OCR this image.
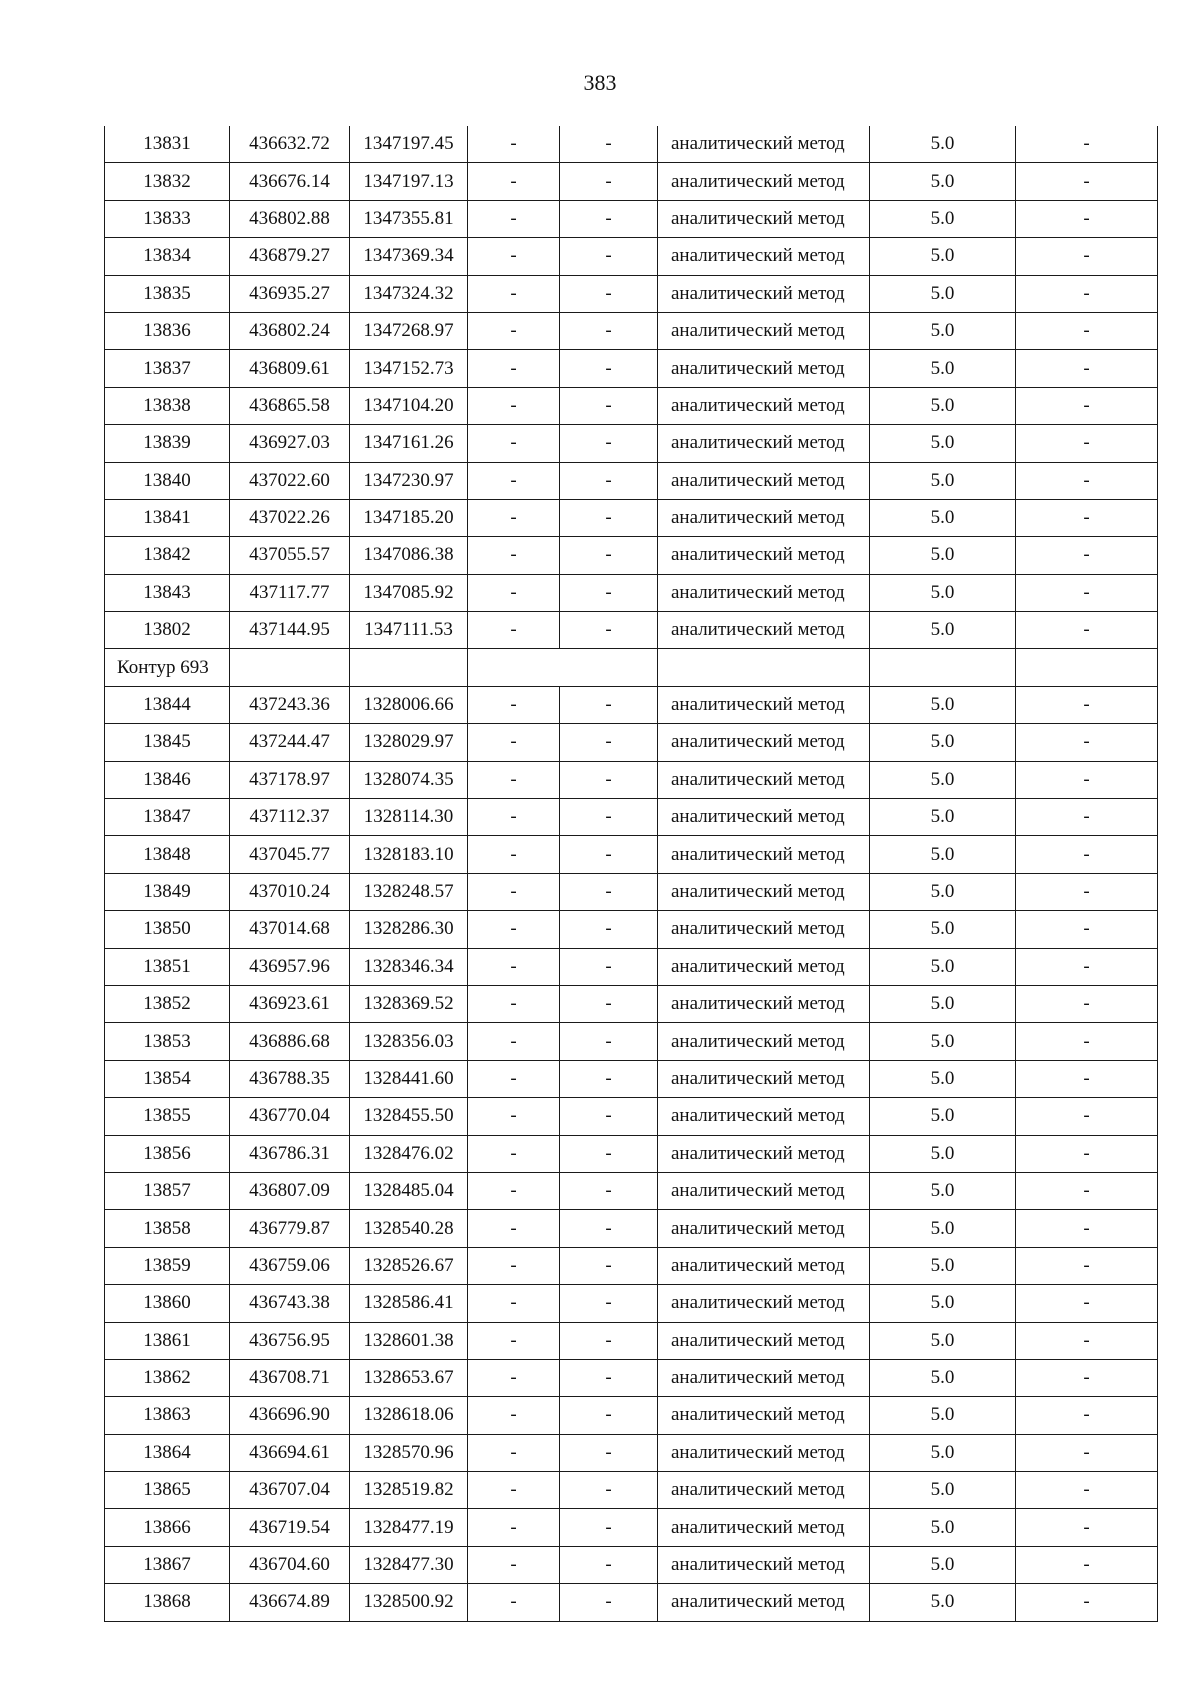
383
13831	436632.72	1347197.45	-	-	аналитический метод	5.0	-
13832	436676.14	1347197.13	-	-	аналитический метод	5.0	-
13833	436802.88	1347355.81	-	-	аналитический метод	5.0	-
13834	436879.27	1347369.34	-	-	аналитический метод	5.0	-
13835	436935.27	1347324.32	-	-	аналитический метод	5.0	-
13836	436802.24	1347268.97	-	-	аналитический метод	5.0	-
13837	436809.61	1347152.73	-	-	аналитический метод	5.0	-
13838	436865.58	1347104.20	-	-	аналитический метод	5.0	-
13839	436927.03	1347161.26	-	-	аналитический метод	5.0	-
13840	437022.60	1347230.97	-	-	аналитический метод	5.0	-
13841	437022.26	1347185.20	-	-	аналитический метод	5.0	-
13842	437055.57	1347086.38	-	-	аналитический метод	5.0	-
13843	437117.77	1347085.92	-	-	аналитический метод	5.0	-
13802	437144.95	1347111.53	-	-	аналитический метод	5.0	-
Контур 693							
13844	437243.36	1328006.66	-	-	аналитический метод	5.0	-
13845	437244.47	1328029.97	-	-	аналитический метод	5.0	-
13846	437178.97	1328074.35	-	-	аналитический метод	5.0	-
13847	437112.37	1328114.30	-	-	аналитический метод	5.0	-
13848	437045.77	1328183.10	-	-	аналитический метод	5.0	-
13849	437010.24	1328248.57	-	-	аналитический метод	5.0	-
13850	437014.68	1328286.30	-	-	аналитический метод	5.0	-
13851	436957.96	1328346.34	-	-	аналитический метод	5.0	-
13852	436923.61	1328369.52	-	-	аналитический метод	5.0	-
13853	436886.68	1328356.03	-	-	аналитический метод	5.0	-
13854	436788.35	1328441.60	-	-	аналитический метод	5.0	-
13855	436770.04	1328455.50	-	-	аналитический метод	5.0	-
13856	436786.31	1328476.02	-	-	аналитический метод	5.0	-
13857	436807.09	1328485.04	-	-	аналитический метод	5.0	-
13858	436779.87	1328540.28	-	-	аналитический метод	5.0	-
13859	436759.06	1328526.67	-	-	аналитический метод	5.0	-
13860	436743.38	1328586.41	-	-	аналитический метод	5.0	-
13861	436756.95	1328601.38	-	-	аналитический метод	5.0	-
13862	436708.71	1328653.67	-	-	аналитический метод	5.0	-
13863	436696.90	1328618.06	-	-	аналитический метод	5.0	-
13864	436694.61	1328570.96	-	-	аналитический метод	5.0	-
13865	436707.04	1328519.82	-	-	аналитический метод	5.0	-
13866	436719.54	1328477.19	-	-	аналитический метод	5.0	-
13867	436704.60	1328477.30	-	-	аналитический метод	5.0	-
13868	436674.89	1328500.92	-	-	аналитический метод	5.0	-
